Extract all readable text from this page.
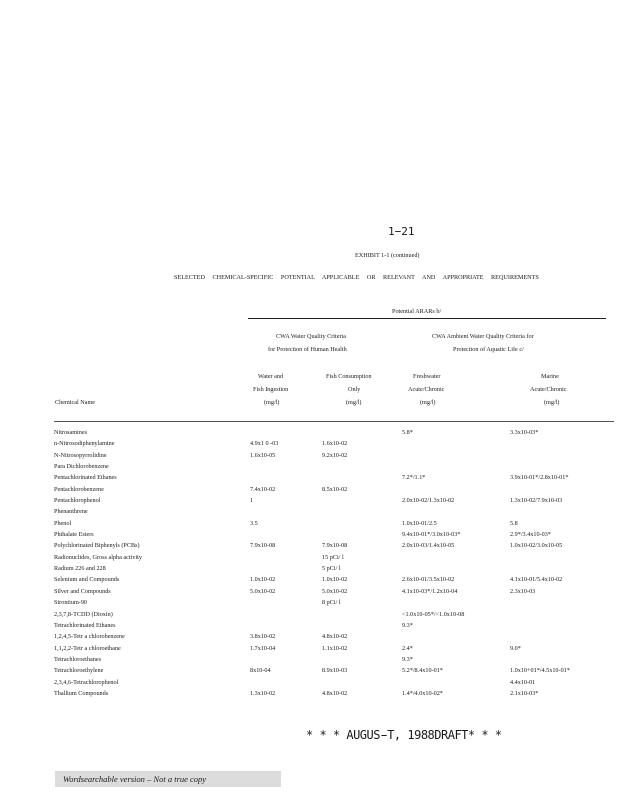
1−21
EXHIBIT 1-1 (continued)
SELECTED CHEMICAL-SPECIFIC POTENTIAL APPLICABLE OR RELEVANT AND APPROPRIATE REQUIREMENTS
Potential ARARs b/
CWA Water Quality Criteria
for Protection of Human Health
CWA Ambient Water Quality Criteria for
Protection of Aquatic Life c/
Water and
Fish Ingestion
(mg/l)
Fish Consumption
Only
(mg/l)
Freshwater
Acute/Chronic
(mg/l)
Marine
Acute/Chronic
(mg/l)
Chemical Name
Nitrosamines			5.8*	3.3x10-03*
n-Nitrosodiphenylamine	4.9x1 0 -03	1.6x10-02		
N-Nitrosopyrrolidine	1.6x10-05	9.2x10-02		
Para Dichlorobenzene				
Pentachlorinated Ethanes			7.2*/1.1*	3.9x10-01*/2.8x10-01*
Pentachlorobenzene	7.4x10-02	8.5x10-02		
Pentachlorophenol	1		2.0x10-02/1.3x10-02	1.3x10-02/7.9x10-03
Phenanthrene				
Phenol	3.5		1.0x10-01/2.5	5.8
Phthalate Esters			9.4x10-01*/3.0x10-03*	2.9*/3.4x10-03*
Polychlorinated Biphenyls (PCBs)	7.9x10-08	7.9x10-08	2.0x10-03/1.4x10-05	1.0x10-02/3.0x10-05
Radionuclides, Gross alpha activity		15 pCi/ l		
Radium 226 and 228		5 pCi/ l		
Selenium and Compounds	1.0x10-02	1.0x10-02	2.6x10-01/3.5x10-02	4.1x10-01/5.4x10-02
Silver and Compounds	5.0x10-02	5.0x10-02	4.1x10-03*/1.2x10-04	2.3x10-03
Strontium-90		8 pCi/ l		
2,3,7,8-TCDD (Dioxin)			<1.0x10-05*/<1.0x10-08	
Tetrachlorinated Ethanes			9.3*	
1,2,4,5-Tetr a chlorobenzene	3.8x10-02	4.8x10-02		
1,1,2,2-Tetr a chloroethane	1.7x10-04	1.1x10-02	2.4*	9.0*
Tetrachloroethanes			9.3*	
Tetrachloroethylene	8x10-04	8.9x10-03	5.2*/8.4x10-01*	1.0x10+01*/4.5x10-01*
2,3,4,6-Tetrachlorophenol				4.4x10-01
Thallium Compounds	1.3x10-02	4.8x10-02	1.4*/4.0x10-02*	2.1x10-03*
* * * AUGUS̵T, 1988DRAFT* * *
Wordsearchable version – Not a true copy
